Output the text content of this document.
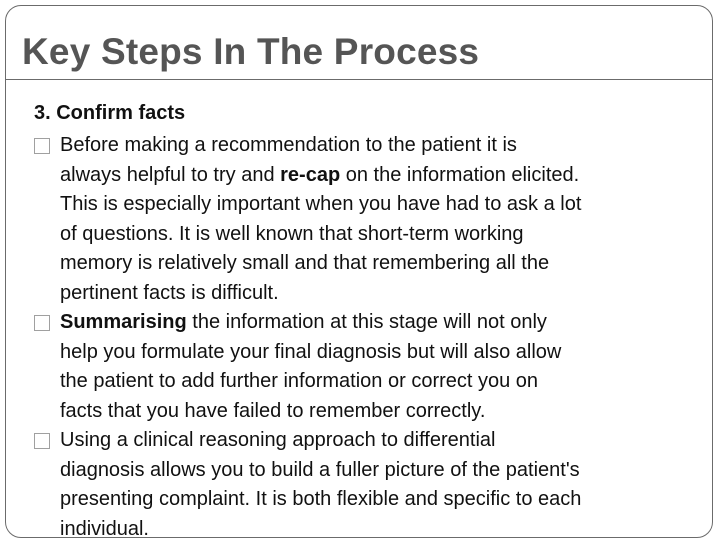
Key Steps In The Process
3. Confirm facts
Before making a recommendation to the patient it is
always helpful to try and re-cap on the information elicited.
This is especially important when you have had to ask a lot
of questions. It is well known that short-term working
memory is relatively small and that remembering all the
pertinent facts is difficult.
Summarising the information at this stage will not only
help you formulate your final diagnosis but will also allow
the patient to add further information or correct you on
facts that you have failed to remember correctly.
Using a clinical reasoning approach to differential
diagnosis allows you to build a fuller picture of the patient's
presenting complaint. It is both flexible and specific to each
individual.
